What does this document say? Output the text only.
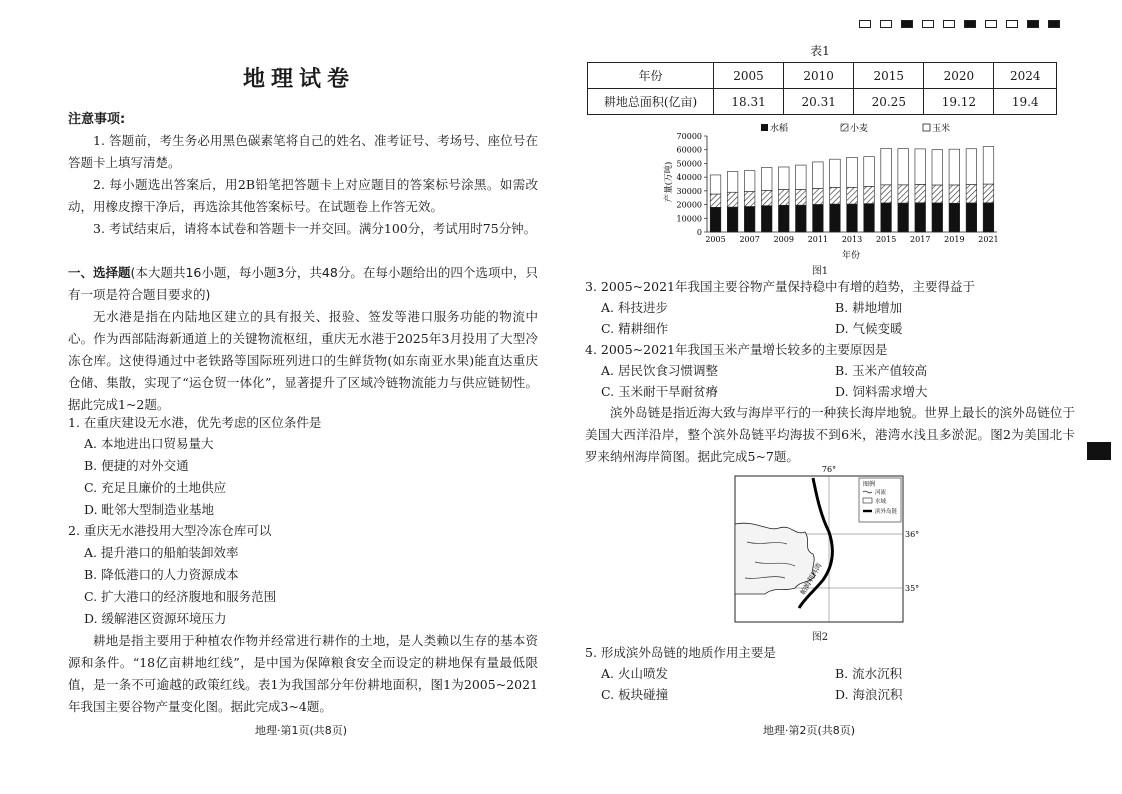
地理试卷
注意事项:
1. 答题前，考生务必用黑色碳素笔将自己的姓名、准考证号、考场号、座位号在答题卡上填写清楚。
2. 每小题选出答案后，用2B铅笔把答题卡上对应题目的答案标号涂黑。如需改动，用橡皮擦干净后，再选涂其他答案标号。在试题卷上作答无效。
3. 考试结束后，请将本试卷和答题卡一并交回。满分100分，考试用时75分钟。
一、选择题(本大题共16小题，每小题3分，共48分。在每小题给出的四个选项中，只有一项是符合题目要求的)
无水港是指在内陆地区建立的具有报关、报验、签发等港口服务功能的物流中心。作为西部陆海新通道上的关键物流枢纽，重庆无水港于2025年3月投用了大型冷冻仓库。这使得通过中老铁路等国际班列进口的生鲜货物(如东南亚水果)能直达重庆仓储、集散，实现了“运仓贸一体化”，显著提升了区域冷链物流能力与供应链韧性。据此完成1~2题。
1. 在重庆建设无水港，优先考虑的区位条件是
A. 本地进出口贸易量大
B. 便捷的对外交通
C. 充足且廉价的土地供应
D. 毗邻大型制造业基地
2. 重庆无水港投用大型冷冻仓库可以
A. 提升港口的船舶装卸效率
B. 降低港口的人力资源成本
C. 扩大港口的经济腹地和服务范围
D. 缓解港区资源环境压力
耕地是指主要用于种植农作物并经常进行耕作的土地，是人类赖以生存的基本资源和条件。“18亿亩耕地红线”，是中国为保障粮食安全而设定的耕地保有量最低限值，是一条不可逾越的政策红线。表1为我国部分年份耕地面积，图1为2005~2021年我国主要谷物产量变化图。据此完成3~4题。
地理·第1页(共8页)
表1
年份	2005	2010	2015	2020	2024
耕地总面积(亿亩)	18.31	20.31	20.25	19.12	19.4
水稻	小麦	玉米
产量(万吨)
年份
0
10000
20000
30000
40000
50000
60000
70000
2005 2007 2009 2011 2013 2015 2017 2019 2021
图1
3. 2005~2021年我国主要谷物产量保持稳中有增的趋势，主要得益于
A. 科技进步	B. 耕地增加
C. 精耕细作	D. 气候变暖
4. 2005~2021年我国玉米产量增长较多的主要原因是
A. 居民饮食习惯调整	B. 玉米产值较高
C. 玉米耐干旱耐贫瘠	D. 饲料需求增大
滨外岛链是指近海大致与海岸平行的一种狭长海岸地貌。世界上最长的滨外岛链位于美国大西洋沿岸，整个滨外岛链平均海拔不到6米，港湾水浅且多淤泥。图2为美国北卡罗来纳州海岸简图。据此完成5~7题。
76°
36°
35°
帕姆利科湾
图例
河流
水域
滨外岛链
图2
5. 形成滨外岛链的地质作用主要是
A. 火山喷发	B. 流水沉积
C. 板块碰撞	D. 海浪沉积
地理·第2页(共8页)
